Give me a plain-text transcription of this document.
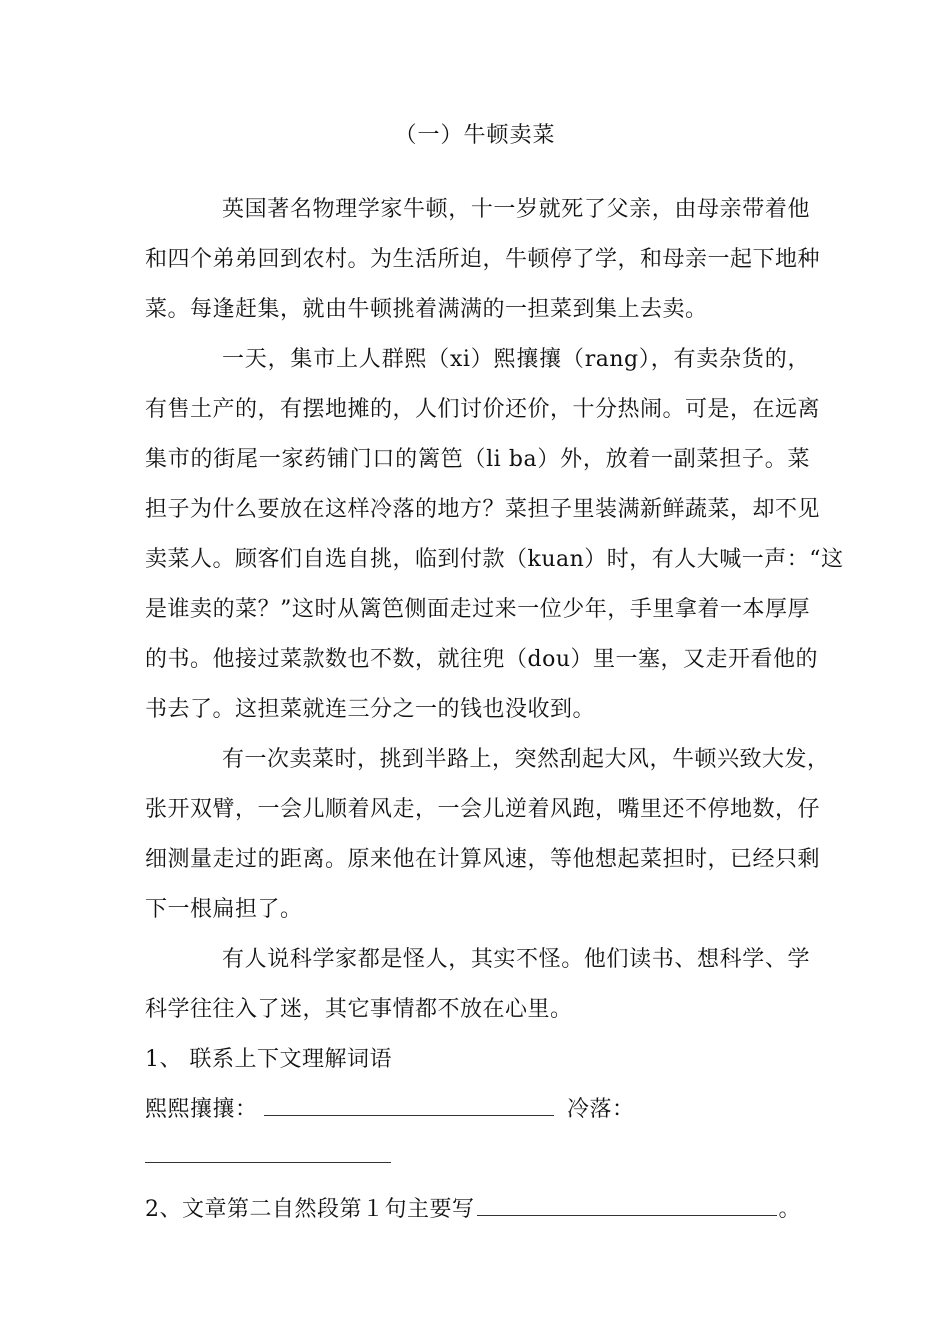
（一）牛顿卖菜
英国著名物理学家牛顿，十一岁就死了父亲，由母亲带着他
和四个弟弟回到农村。为生活所迫，牛顿停了学，和母亲一起下地种
菜。每逢赶集，就由牛顿挑着满满的一担菜到集上去卖。
一天，集市上人群熙（xi）熙攘攘（rang），有卖杂货的，
有售土产的，有摆地摊的，人们讨价还价，十分热闹。可是，在远离
集市的街尾一家药铺门口的篱笆（li ba）外，放着一副菜担子。菜
担子为什么要放在这样冷落的地方？菜担子里装满新鲜蔬菜，却不见
卖菜人。顾客们自选自挑，临到付款（kuan）时，有人大喊一声：“这
是谁卖的菜？”这时从篱笆侧面走过来一位少年，手里拿着一本厚厚
的书。他接过菜款数也不数，就往兜（dou）里一塞，又走开看他的
书去了。这担菜就连三分之一的钱也没收到。
有一次卖菜时，挑到半路上，突然刮起大风，牛顿兴致大发，
张开双臂，一会儿顺着风走，一会儿逆着风跑，嘴里还不停地数，仔
细测量走过的距离。原来他在计算风速，等他想起菜担时，已经只剩
下一根扁担了。
有人说科学家都是怪人，其实不怪。他们读书、想科学、学
科学往往入了迷，其它事情都不放在心里。
1、 联系上下文理解词语
熙熙攘攘：	冷落：
2、文章第二自然段第１句主要写	。
